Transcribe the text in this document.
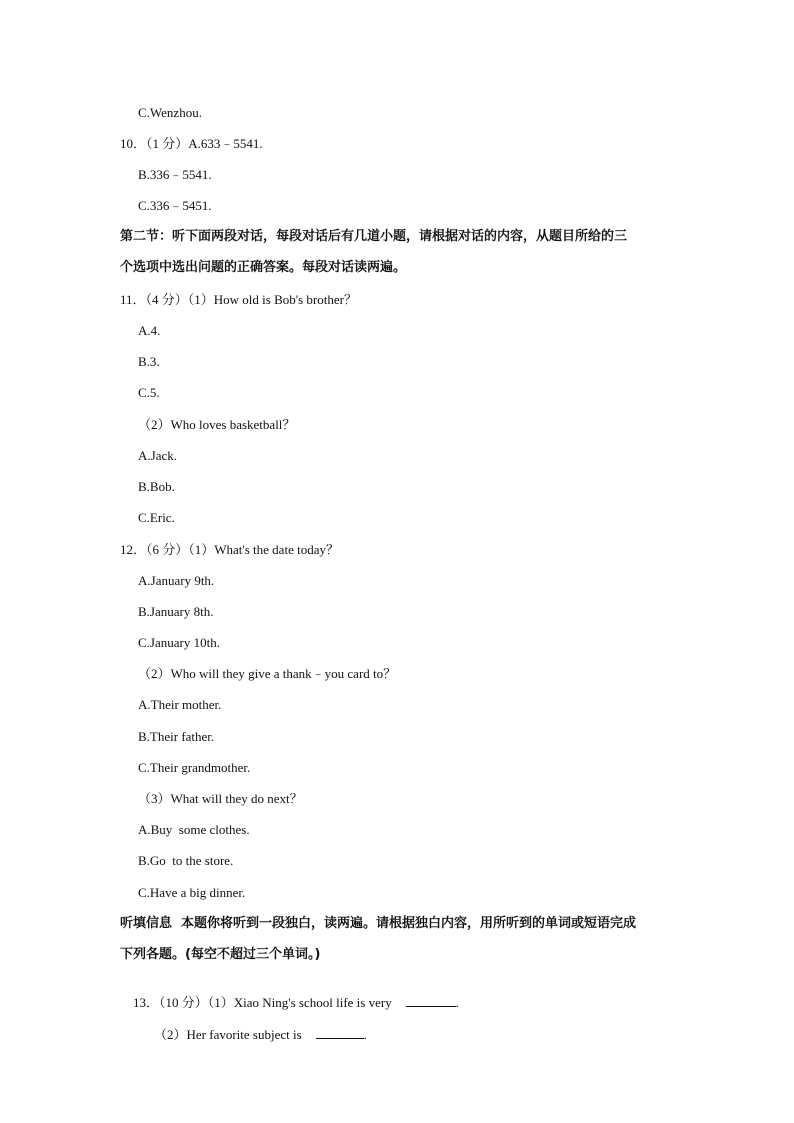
C.Wenzhou.
10．（1 分）A.633﹣5541.
B.336﹣5541.
C.336﹣5451.
第二节：听下面两段对话，每段对话后有几道小题，请根据对话的内容，从题目所给的三
个选项中选出问题的正确答案。每段对话读两遍。
11．（4 分）（1）How old is Bob's brother？
A.4.
B.3.
C.5.
（2）Who loves basketball？
A.Jack.
B.Bob.
C.Eric.
12．（6 分）（1）What's the date today？
A.January 9th.
B.January 8th.
C.January 10th.
（2）Who will they give a thank﹣you card to？
A.Their mother.
B.Their father.
C.Their grandmother.
（3）What will they do next？
A.Buy  some clothes.
B.Go  to the store.
C.Have a big dinner.
听填信息  本题你将听到一段独白，读两遍。请根据独白内容，用所听到的单词或短语完成
下列各题。(每空不超过三个单词。)

13．（10 分）（1）Xiao Ning's school life is very	.

（2）Her favorite subject is	.
